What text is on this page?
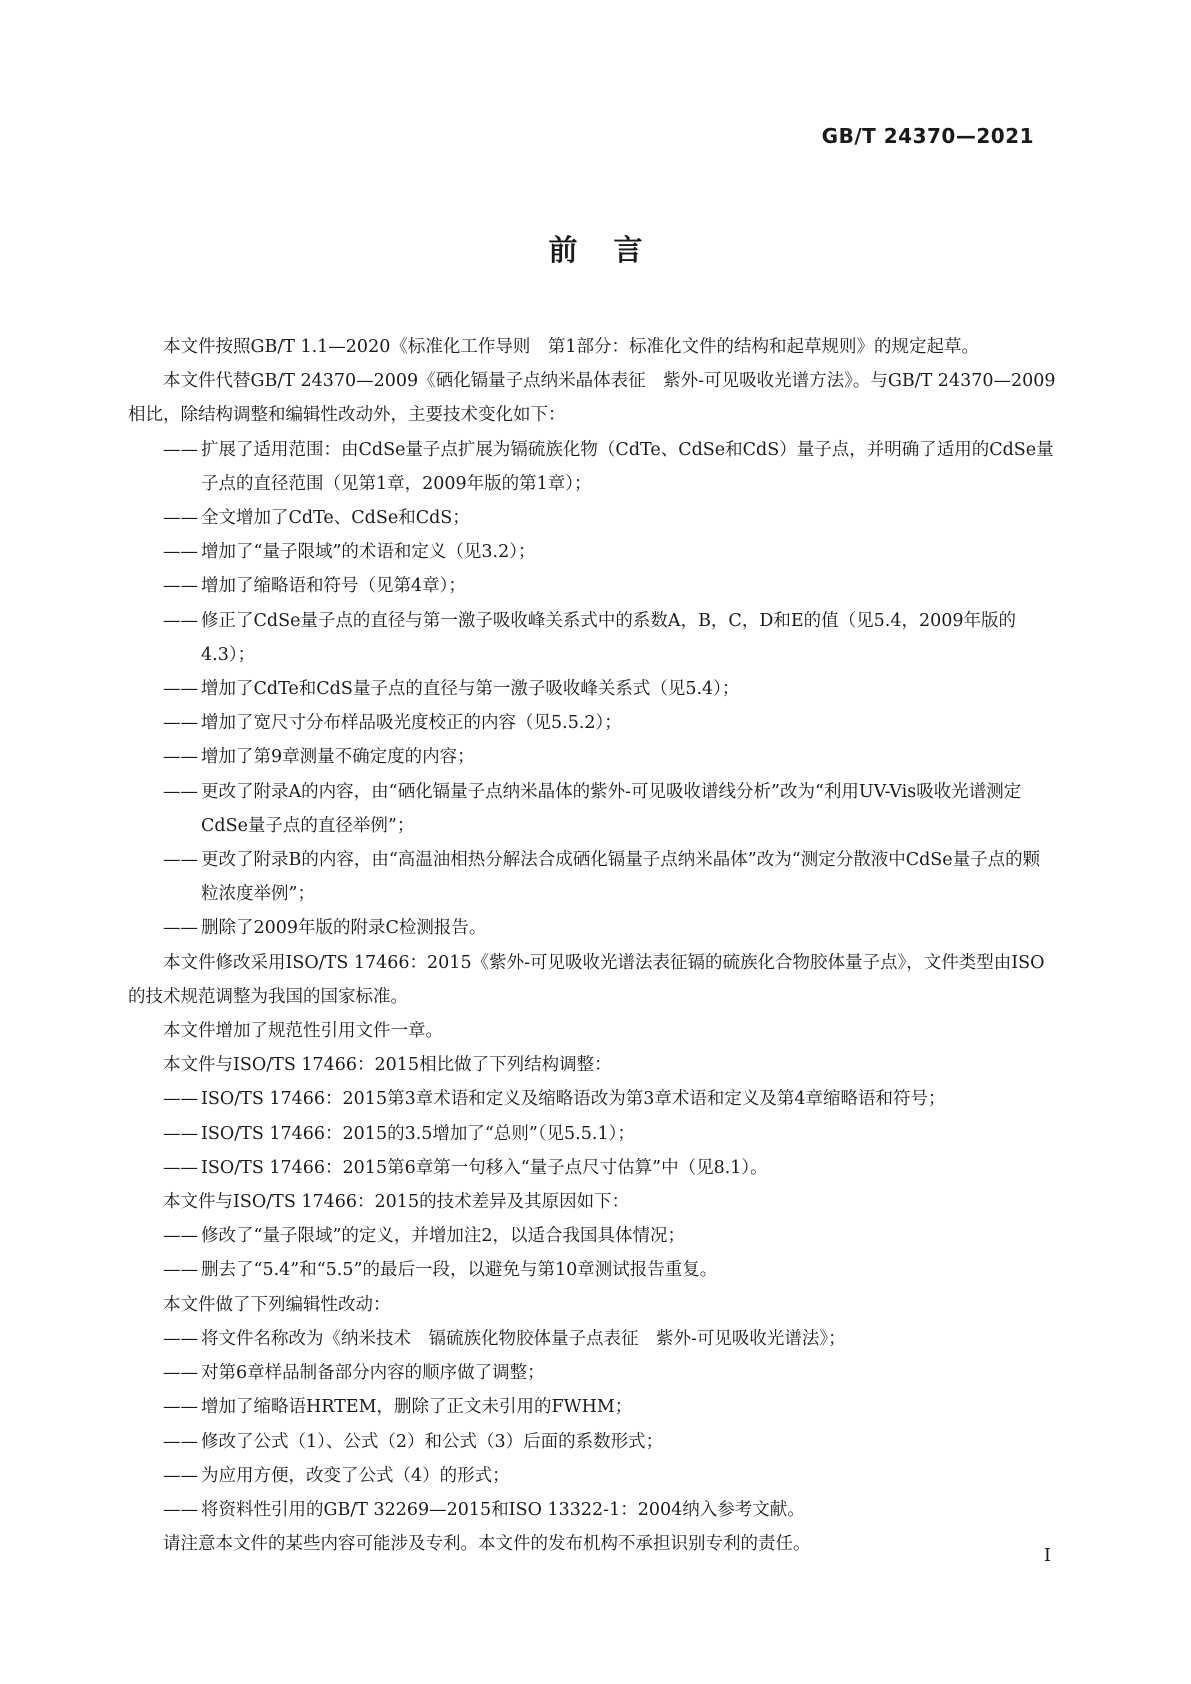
GB/T 24370—2021
前言

本文件按照GB/T 1.1—2020《标准化工作导则　第1部分：标准化文件的结构和起草规则》的规定起草。

本文件代替GB/T 24370—2009《硒化镉量子点纳米晶体表征　紫外-可见吸收光谱方法》。与GB/T 24370—2009相比，除结构调整和编辑性改动外，主要技术变化如下：

—— 扩展了适用范围：由CdSe量子点扩展为镉硫族化物（CdTe、CdSe和CdS）量子点，并明确了适用的CdSe量子点的直径范围（见第1章，2009年版的第1章）；

—— 全文增加了CdTe、CdSe和CdS；

—— 增加了“量子限域”的术语和定义（见3.2）；

—— 增加了缩略语和符号（见第4章）；

—— 修正了CdSe量子点的直径与第一激子吸收峰关系式中的系数A，B，C，D和E的值（见5.4，2009年版的4.3）；

—— 增加了CdTe和CdS量子点的直径与第一激子吸收峰关系式（见5.4）；

—— 增加了宽尺寸分布样品吸光度校正的内容（见5.5.2）；

—— 增加了第9章测量不确定度的内容；

—— 更改了附录A的内容，由“硒化镉量子点纳米晶体的紫外-可见吸收谱线分析”改为“利用UV-Vis吸收光谱测定CdSe量子点的直径举例”；

—— 更改了附录B的内容，由“高温油相热分解法合成硒化镉量子点纳米晶体”改为“测定分散液中CdSe量子点的颗粒浓度举例”；

—— 删除了2009年版的附录C检测报告。

本文件修改采用ISO/TS 17466：2015《紫外-可见吸收光谱法表征镉的硫族化合物胶体量子点》，文件类型由ISO的技术规范调整为我国的国家标准。

本文件增加了规范性引用文件一章。

本文件与ISO/TS 17466：2015相比做了下列结构调整：

—— ISO/TS 17466：2015第3章术语和定义及缩略语改为第3章术语和定义及第4章缩略语和符号；

—— ISO/TS 17466：2015的3.5增加了“总则”（见5.5.1）；

—— ISO/TS 17466：2015第6章第一句移入“量子点尺寸估算”中（见8.1）。

本文件与ISO/TS 17466：2015的技术差异及其原因如下：

—— 修改了“量子限域”的定义，并增加注2，以适合我国具体情况；

—— 删去了“5.4”和“5.5”的最后一段，以避免与第10章测试报告重复。

本文件做了下列编辑性改动：

—— 将文件名称改为《纳米技术　镉硫族化物胶体量子点表征　紫外-可见吸收光谱法》；

—— 对第6章样品制备部分内容的顺序做了调整；

—— 增加了缩略语HRTEM，删除了正文未引用的FWHM；

—— 修改了公式（1）、公式（2）和公式（3）后面的系数形式；

—— 为应用方便，改变了公式（4）的形式；

—— 将资料性引用的GB/T 32269—2015和ISO 13322-1：2004纳入参考文献。

请注意本文件的某些内容可能涉及专利。本文件的发布机构不承担识别专利的责任。

I
